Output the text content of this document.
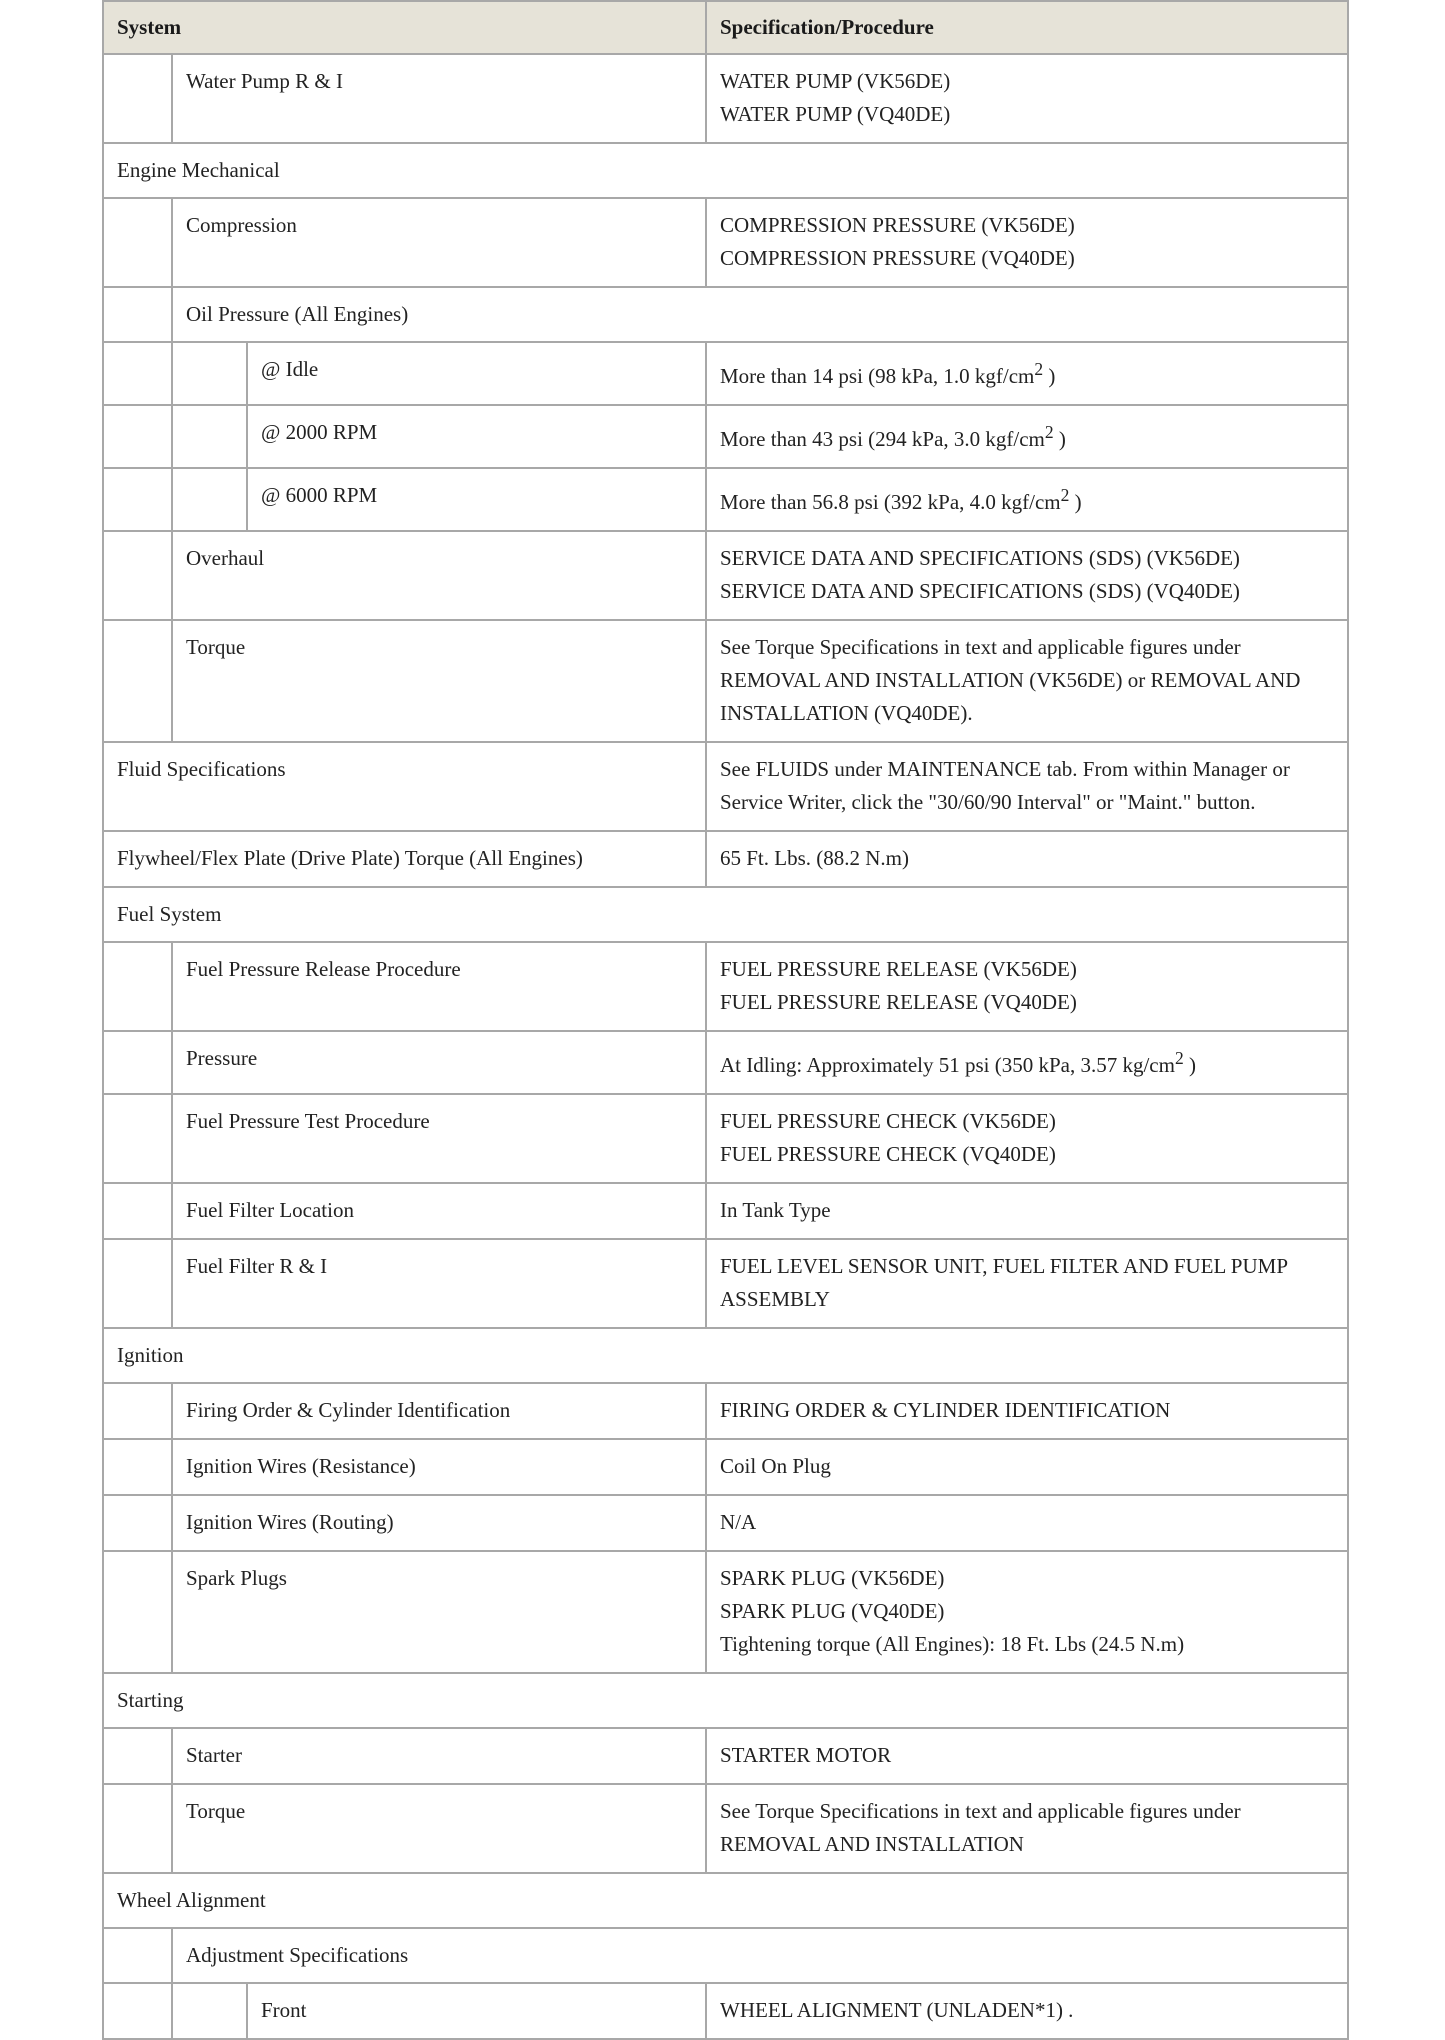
System			Specification/Procedure
	Water Pump R & I		WATER PUMP (VK56DE)
WATER PUMP (VQ40DE)

Engine Mechanical			
	Compression		COMPRESSION PRESSURE (VK56DE)
COMPRESSION PRESSURE (VQ40DE)

	Oil Pressure (All Engines)		
		@ Idle	More than 14 psi (98 kPa, 1.0 kgf/$cm^2$ )
		@ 2000 RPM	More than 43 psi (294 kPa, 3.0 kgf/$cm^2$ )
		@ 6000 RPM	More than 56.8 psi (392 kPa, 4.0 kgf/$cm^2$ )
	Overhaul		SERVICE DATA AND SPECIFICATIONS (SDS) (VK56DE)
SERVICE DATA AND SPECIFICATIONS (SDS) (VQ40DE)

	Torque		See Torque Specifications in text and applicable figures under REMOVAL AND INSTALLATION (VK56DE) or REMOVAL AND INSTALLATION (VQ40DE).
Fluid Specifications			See FLUIDS under MAINTENANCE tab. From within Manager or Service Writer, click the "30/60/90 Interval" or "Maint." button.
Flywheel/Flex Plate (Drive Plate) Torque (All Engines)			65 Ft. Lbs. (88.2 N.m)
Fuel System			
	Fuel Pressure Release Procedure		FUEL PRESSURE RELEASE (VK56DE)
FUEL PRESSURE RELEASE (VQ40DE)

	Pressure		At Idling: Approximately 51 psi (350 kPa, 3.57 $kg/cm^2$ )
	Fuel Pressure Test Procedure		FUEL PRESSURE CHECK (VK56DE)
FUEL PRESSURE CHECK (VQ40DE)

	Fuel Filter Location		In Tank Type
	Fuel Filter R & I		FUEL LEVEL SENSOR UNIT, FUEL FILTER AND FUEL PUMP ASSEMBLY
Ignition			
	Firing Order & Cylinder Identification		FIRING ORDER & CYLINDER IDENTIFICATION
	Ignition Wires (Resistance)		Coil On Plug
	Ignition Wires (Routing)		N/A
	Spark Plugs		SPARK PLUG (VK56DE)
SPARK PLUG (VQ40DE)
Tightening torque (All Engines): 18 Ft. Lbs (24.5 N.m)

Starting			
	Starter		STARTER MOTOR
	Torque		See Torque Specifications in text and applicable figures under REMOVAL AND INSTALLATION
Wheel Alignment			
	Adjustment Specifications		
		Front	WHEEL ALIGNMENT (UNLADEN*1) .
